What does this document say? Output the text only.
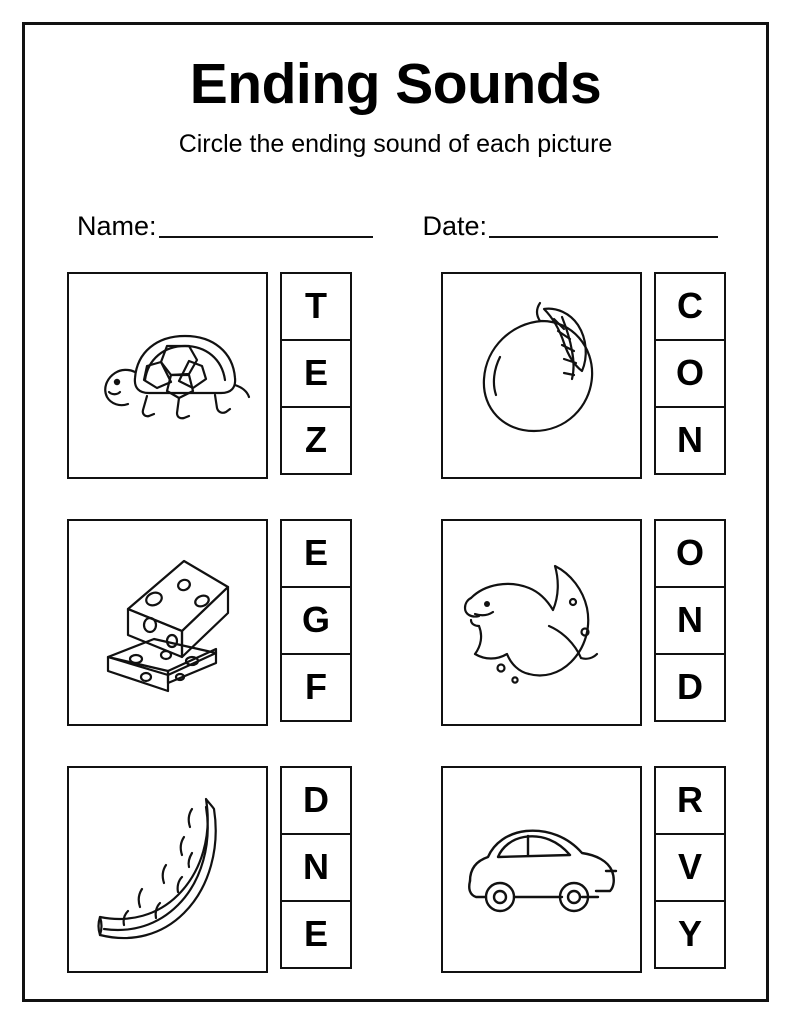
Ending Sounds

Circle the ending sound of each picture

Name:	Date:
T
E
Z
C
O
N
E
G
F
O
N
D
D
N
E
R
V
Y
